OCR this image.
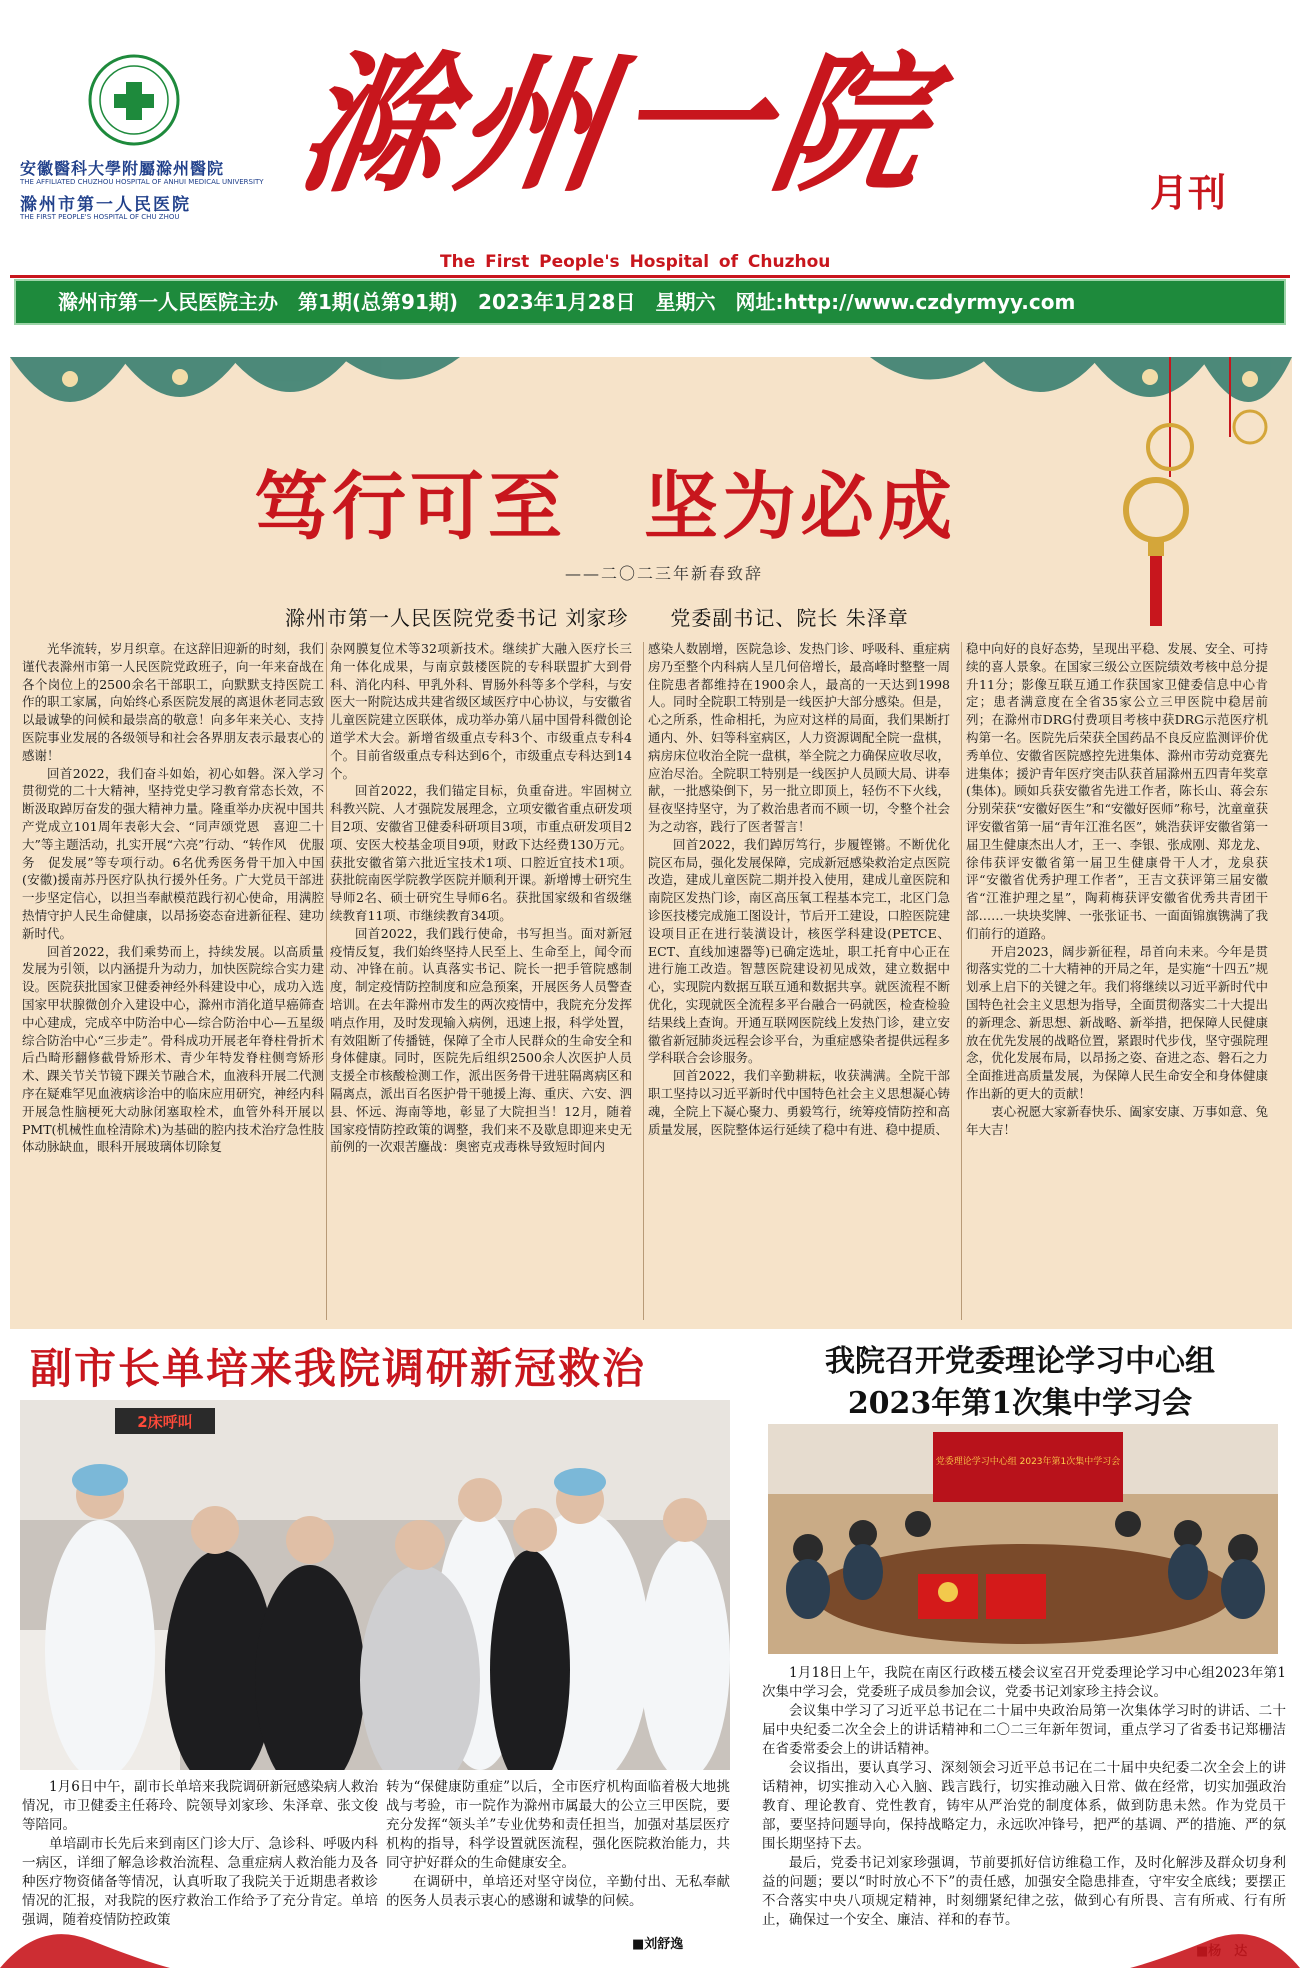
安徽醫科大學附屬滁州醫院
THE AFFILIATED CHUZHOU HOSPITAL OF ANHUI MEDICAL UNIVERSITY
滁州市第一人民医院
THE FIRST PEOPLE'S HOSPITAL OF CHU ZHOU
滁州一院	月刊
The First People's Hospital of Chuzhou
滁州市第一人民医院主办　第1期(总第91期)　2023年1月28日　星期六　网址:http://www.czdyrmyy.com
笃行可至　坚为必成
——二〇二三年新春致辞
滁州市第一人民医院党委书记 刘家珍　　党委副书记、院长 朱泽章

光华流转，岁月织章。在这辞旧迎新的时刻，我们谨代表滁州市第一人民医院党政班子，向一年来奋战在各个岗位上的2500余名干部职工，向默默支持医院工作的职工家属，向始终心系医院发展的离退休老同志致以最诚挚的问候和最崇高的敬意！向多年来关心、支持医院事业发展的各级领导和社会各界朋友表示最衷心的感谢！

回首2022，我们奋斗如始，初心如磐。深入学习贯彻党的二十大精神，坚持党史学习教育常态长效，不断汲取踔厉奋发的强大精神力量。隆重举办庆祝中国共产党成立101周年表彰大会、“同声颂党恩　喜迎二十大”等主题活动，扎实开展“六亮”行动、“转作风　优服务　促发展”等专项行动。6名优秀医务骨干加入中国(安徽)援南苏丹医疗队执行援外任务。广大党员干部进一步坚定信心，以担当奉献模范践行初心使命，用满腔热情守护人民生命健康，以昂扬姿态奋进新征程、建功新时代。

回首2022，我们乘势而上，持续发展。以高质量发展为引领，以内涵提升为动力，加快医院综合实力建设。医院获批国家卫健委神经外科建设中心，成功入选国家甲状腺微创介入建设中心，滁州市消化道早癌筛查中心建成，完成卒中防治中心—综合防治中心—五星级综合防治中心“三步走”。骨科成功开展老年脊柱骨折术后凸畸形翻修截骨矫形术、青少年特发脊柱侧弯矫形术、踝关节关节镜下踝关节融合术，血液科开展二代测序在疑难罕见血液病诊治中的临床应用研究，神经内科开展急性脑梗死大动脉闭塞取栓术，血管外科开展以PMT(机械性血栓清除术)为基础的腔内技术治疗急性肢体动脉缺血，眼科开展玻璃体切除复

杂网膜复位术等32项新技术。继续扩大融入医疗长三角一体化成果，与南京鼓楼医院的专科联盟扩大到骨科、消化内科、甲乳外科、胃肠外科等多个学科，与安医大一附院达成共建省级区域医疗中心协议，与安徽省儿童医院建立医联体，成功举办第八届中国骨科微创论道学术大会。新增省级重点专科3个、市级重点专科4个。目前省级重点专科达到6个，市级重点专科达到14个。

回首2022，我们锚定目标，负重奋进。牢固树立科教兴院、人才强院发展理念，立项安徽省重点研发项目2项、安徽省卫健委科研项目3项，市重点研发项目2项、安医大校基金项目9项，财政下达经费130万元。获批安徽省第六批近宝技术1项、口腔近宜技术1项。获批皖南医学院教学医院并顺利开课。新增博士研究生导师2名、硕士研究生导师6名。获批国家级和省级继续教育11项、市继续教育34项。

回首2022，我们践行使命，书写担当。面对新冠疫情反复，我们始终坚持人民至上、生命至上，闻令而动、冲锋在前。认真落实书记、院长一把手管院感制度，制定疫情防控制度和应急预案，开展医务人员警查培训。在去年滁州市发生的两次疫情中，我院充分发挥哨点作用，及时发现输入病例，迅速上报，科学处置，有效阻断了传播链，保障了全市人民群众的生命安全和身体健康。同时，医院先后组织2500余人次医护人员支援全市核酸检测工作，派出医务骨干进驻隔离病区和隔离点，派出百名医护骨干驰援上海、重庆、六安、泗县、怀远、海南等地，彰显了大院担当！12月，随着国家疫情防控政策的调整，我们来不及歇息即迎来史无前例的一次艰苦鏖战：奥密克戎毒株导致短时间内

感染人数剧增，医院急诊、发热门诊、呼吸科、重症病房乃至整个内科病人呈几何倍增长，最高峰时整整一周住院患者都维持在1900余人，最高的一天达到1998人。同时全院职工特别是一线医护大部分感染。但是，心之所系，性命相托，为应对这样的局面，我们果断打通内、外、妇等科室病区，人力资源调配全院一盘棋，病房床位收治全院一盘棋，举全院之力确保应收尽收，应治尽治。全院职工特别是一线医护人员顾大局、讲奉献，一批感染倒下，另一批立即顶上，轻伤不下火线，昼夜坚持坚守，为了救治患者而不顾一切，令整个社会为之动容，践行了医者誓言！

回首2022，我们踔厉笃行，步履铿锵。不断优化院区布局，强化发展保障，完成新冠感染救治定点医院改造，建成儿童医院二期并投入使用，建成儿童医院和南院区发热门诊，南区高压氧工程基本完工，北区门急诊医技楼完成施工图设计，节后开工建设，口腔医院建设项目正在进行装潢设计，核医学科建设(PETCE、ECT、直线加速器等)已确定选址，职工托育中心正在进行施工改造。智慧医院建设初见成效，建立数据中心，实现院内数据互联互通和数据共享。就医流程不断优化，实现就医全流程多平台融合一码就医，检查检验结果线上查询。开通互联网医院线上发热门诊，建立安徽省新冠肺炎远程会诊平台，为重症感染者提供远程多学科联合会诊服务。

回首2022，我们辛勤耕耘，收获满满。全院干部职工坚持以习近平新时代中国特色社会主义思想凝心铸魂，全院上下凝心聚力、勇毅笃行，统筹疫情防控和高质量发展，医院整体运行延续了稳中有进、稳中提质、

稳中向好的良好态势，呈现出平稳、发展、安全、可持续的喜人景象。在国家三级公立医院绩效考核中总分提升11分；影像互联互通工作获国家卫健委信息中心肯定；患者满意度在全省35家公立三甲医院中稳居前列；在滁州市DRG付费项目考核中获DRG示范医疗机构第一名。医院先后荣获全国药品不良反应监测评价优秀单位、安徽省医院感控先进集体、滁州市劳动竞赛先进集体；援沪青年医疗突击队获首届滁州五四青年奖章(集体)。顾如兵获安徽省先进工作者，陈长山、蒋会东分别荣获“安徽好医生”和“安徽好医师”称号，沈童童获评安徽省第一届“青年江淮名医”，姚浩获评安徽省第一届卫生健康杰出人才，王一、李银、张成刚、郑龙龙、徐伟获评安徽省第一届卫生健康骨干人才，龙泉获评“安徽省优秀护理工作者”，王吉文获评第三届安徽省“江淮护理之星”，陶莉梅获评安徽省优秀共青团干部……一块块奖牌、一张张证书、一面面锦旗镌满了我们前行的道路。

开启2023，阔步新征程，昂首向未来。今年是贯彻落实党的二十大精神的开局之年，是实施“十四五”规划承上启下的关键之年。我们将继续以习近平新时代中国特色社会主义思想为指导，全面贯彻落实二十大提出的新理念、新思想、新战略、新举措，把保障人民健康放在优先发展的战略位置，紧跟时代步伐，坚守强院理念，优化发展布局，以昂扬之姿、奋进之态、磐石之力全面推进高质量发展，为保障人民生命安全和身体健康作出新的更大的贡献！

衷心祝愿大家新春快乐、阖家安康、万事如意、兔年大吉！

副市长单培来我院调研新冠救治
2床呼叫

1月6日中午，副市长单培来我院调研新冠感染病人救治情况，市卫健委主任蒋玲、院领导刘家珍、朱泽章、张文俊等陪同。

单培副市长先后来到南区门诊大厅、急诊科、呼吸内科一病区，详细了解急诊救治流程、急重症病人救治能力及各种医疗物资储备等情况，认真听取了我院关于近期患者救诊情况的汇报，对我院的医疗救治工作给予了充分肯定。单培强调，随着疫情防控政策

转为“保健康防重症”以后，全市医疗机构面临着极大地挑战与考验，市一院作为滁州市属最大的公立三甲医院，要充分发挥“领头羊”专业优势和责任担当，加强对基层医疗机构的指导，科学设置就医流程，强化医院救治能力，共同守护好群众的生命健康安全。

在调研中，单培还对坚守岗位，辛勤付出、无私奉献的医务人员表示衷心的感谢和诚挚的问候。

■刘舒逸
我院召开党委理论学习中心组
2023年第1次集中学习会
党委理论学习中心组 2023年第1次集中学习会

1月18日上午，我院在南区行政楼五楼会议室召开党委理论学习中心组2023年第1次集中学习会，党委班子成员参加会议，党委书记刘家珍主持会议。

会议集中学习了习近平总书记在二十届中央政治局第一次集体学习时的讲话、二十届中央纪委二次全会上的讲话精神和二〇二三年新年贺词，重点学习了省委书记郑栅洁在省委常委会上的讲话精神。

会议指出，要认真学习、深刻领会习近平总书记在二十届中央纪委二次全会上的讲话精神，切实推动入心入脑、践言践行，切实推动融入日常、做在经常，切实加强政治教育、理论教育、党性教育，铸牢从严治党的制度体系，做到防患未然。作为党员干部，要坚持问题导向，保持战略定力，永远吹冲锋号，把严的基调、严的措施、严的氛围长期坚持下去。

最后，党委书记刘家珍强调，节前要抓好信访维稳工作，及时化解涉及群众切身利益的问题；要以“时时放心不下”的责任感，加强安全隐患排查，守牢安全底线；要摆正不合落实中央八项规定精神，时刻绷紧纪律之弦，做到心有所畏、言有所戒、行有所止，确保过一个安全、廉洁、祥和的春节。
